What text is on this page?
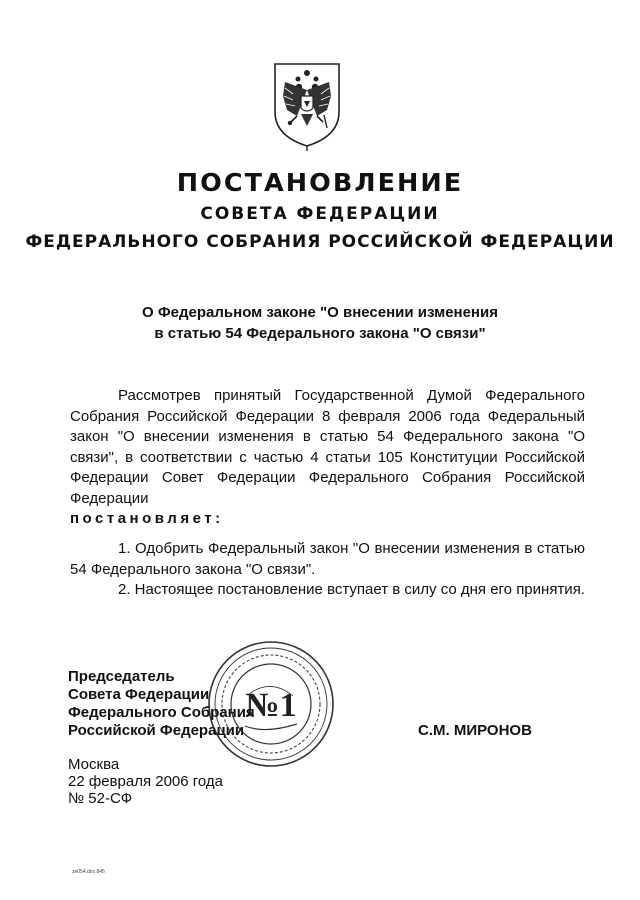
ПОСТАНОВЛЕНИЕ
СОВЕТА ФЕДЕРАЦИИ
ФЕДЕРАЛЬНОГО СОБРАНИЯ РОССИЙСКОЙ ФЕДЕРАЦИИ
О Федеральном законе "О внесении изменения
в статью 54 Федерального закона "О связи"

Рассмотрев принятый Государственной Думой Федерального Собрания Российской Федерации 8 февраля 2006 года Федеральный закон "О внесении изменения в статью 54 Федерального закона "О связи", в соответствии с частью 4 статьи 105 Конституции Российской Федерации Совет Федерации Федерального Собрания Российской Федерации
постановляет:

1. Одобрить Федеральный закон "О внесении изменения в статью 54 Федерального закона "О связи".

2. Настоящее постановление вступает в силу со дня его принятия.

Председатель
Совета Федерации
Федерального Собрания
Российской Федерации
№1
С.М. МИРОНОВ
Москва
22 февраля 2006 года
№ 52-СФ
ze054.doc 845
